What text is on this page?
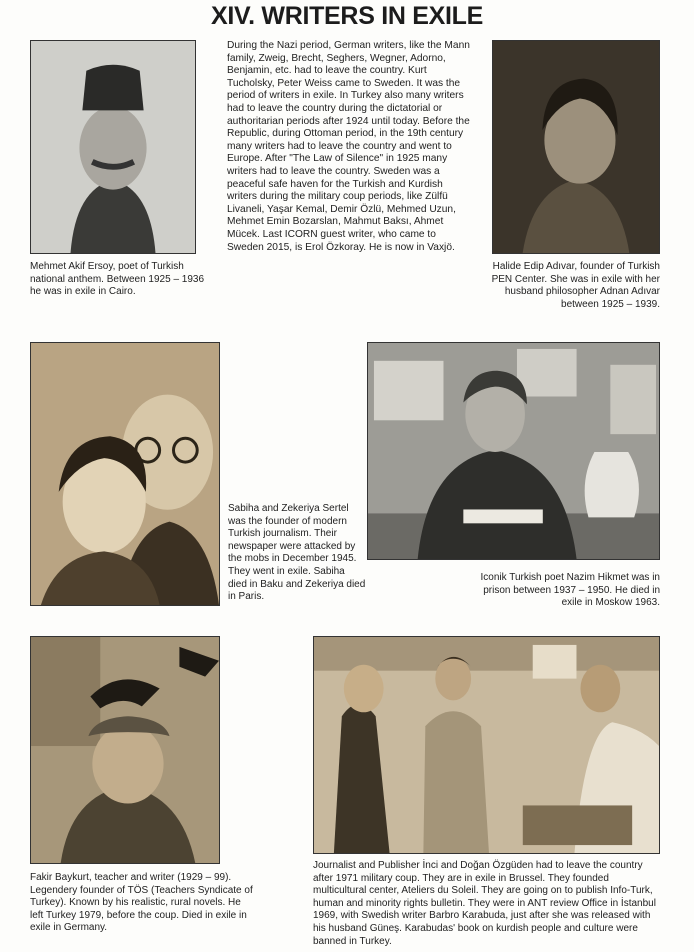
XIV. WRITERS IN EXILE
Mehmet Akif Ersoy, poet of Turkish national anthem. Between 1925 – 1936 he was in exile in Cairo.
During the Nazi period, German writers, like the Mann family, Zweig, Brecht, Seghers, Wegner, Adorno, Benjamin, etc. had to leave the country. Kurt Tucholsky, Peter Weiss came to Sweden. It was the period of writers in exile. In Turkey also many writers had to leave the country during the dictatorial or authoritarian periods after 1924 until today. Before the Republic, during Ottoman period, in the 19th century many writers had to leave the country and went to Europe. After "The Law of Silence" in 1925 many writers had to leave the country. Sweden was a peaceful safe haven for the Turkish and Kurdish writers during the military coup periods, like Zülfü Livaneli, Yaşar Kemal, Demir Özlü, Mehmed Uzun, Mehmet Emin Bozarslan, Mahmut Baksı, Ahmet Mücek. Last ICORN guest writer, who came to Sweden 2015, is Erol Özkoray. He is now in Vaxjö.
Halide Edip Adıvar, founder of Turkish PEN Center. She was in exile with her husband philosopher Adnan Adıvar between 1925 – 1939.
Sabiha and Zekeriya Sertel was the founder of modern Turkish journalism. Their newspaper were attacked by the mobs in December 1945. They went in exile. Sabiha died in Baku and Zekeriya died in Paris.
Iconik Turkish poet Nazim Hikmet was in prison between 1937 – 1950. He died in exile in Moskow 1963.
Fakir Baykurt, teacher and writer (1929 – 99). Legendery founder of TÖS (Teachers Syndicate of Turkey). Known by his realistic, rural novels. He left Turkey 1979, before the coup. Died in exile in exile in Germany.
Journalist and Publisher İnci and Doğan Özgüden had to leave the country after 1971 military coup. They are in exile in Brussel. They founded multicultural center, Ateliers du Soleil. They are going on to publish Info-Turk, human and minority rights bulletin. They were in ANT review Office in İstanbul 1969, with Swedish writer Barbro Karabuda, just after she was released with his husband Güneş. Karabudas' book on kurdish people and culture were banned in Turkey.
